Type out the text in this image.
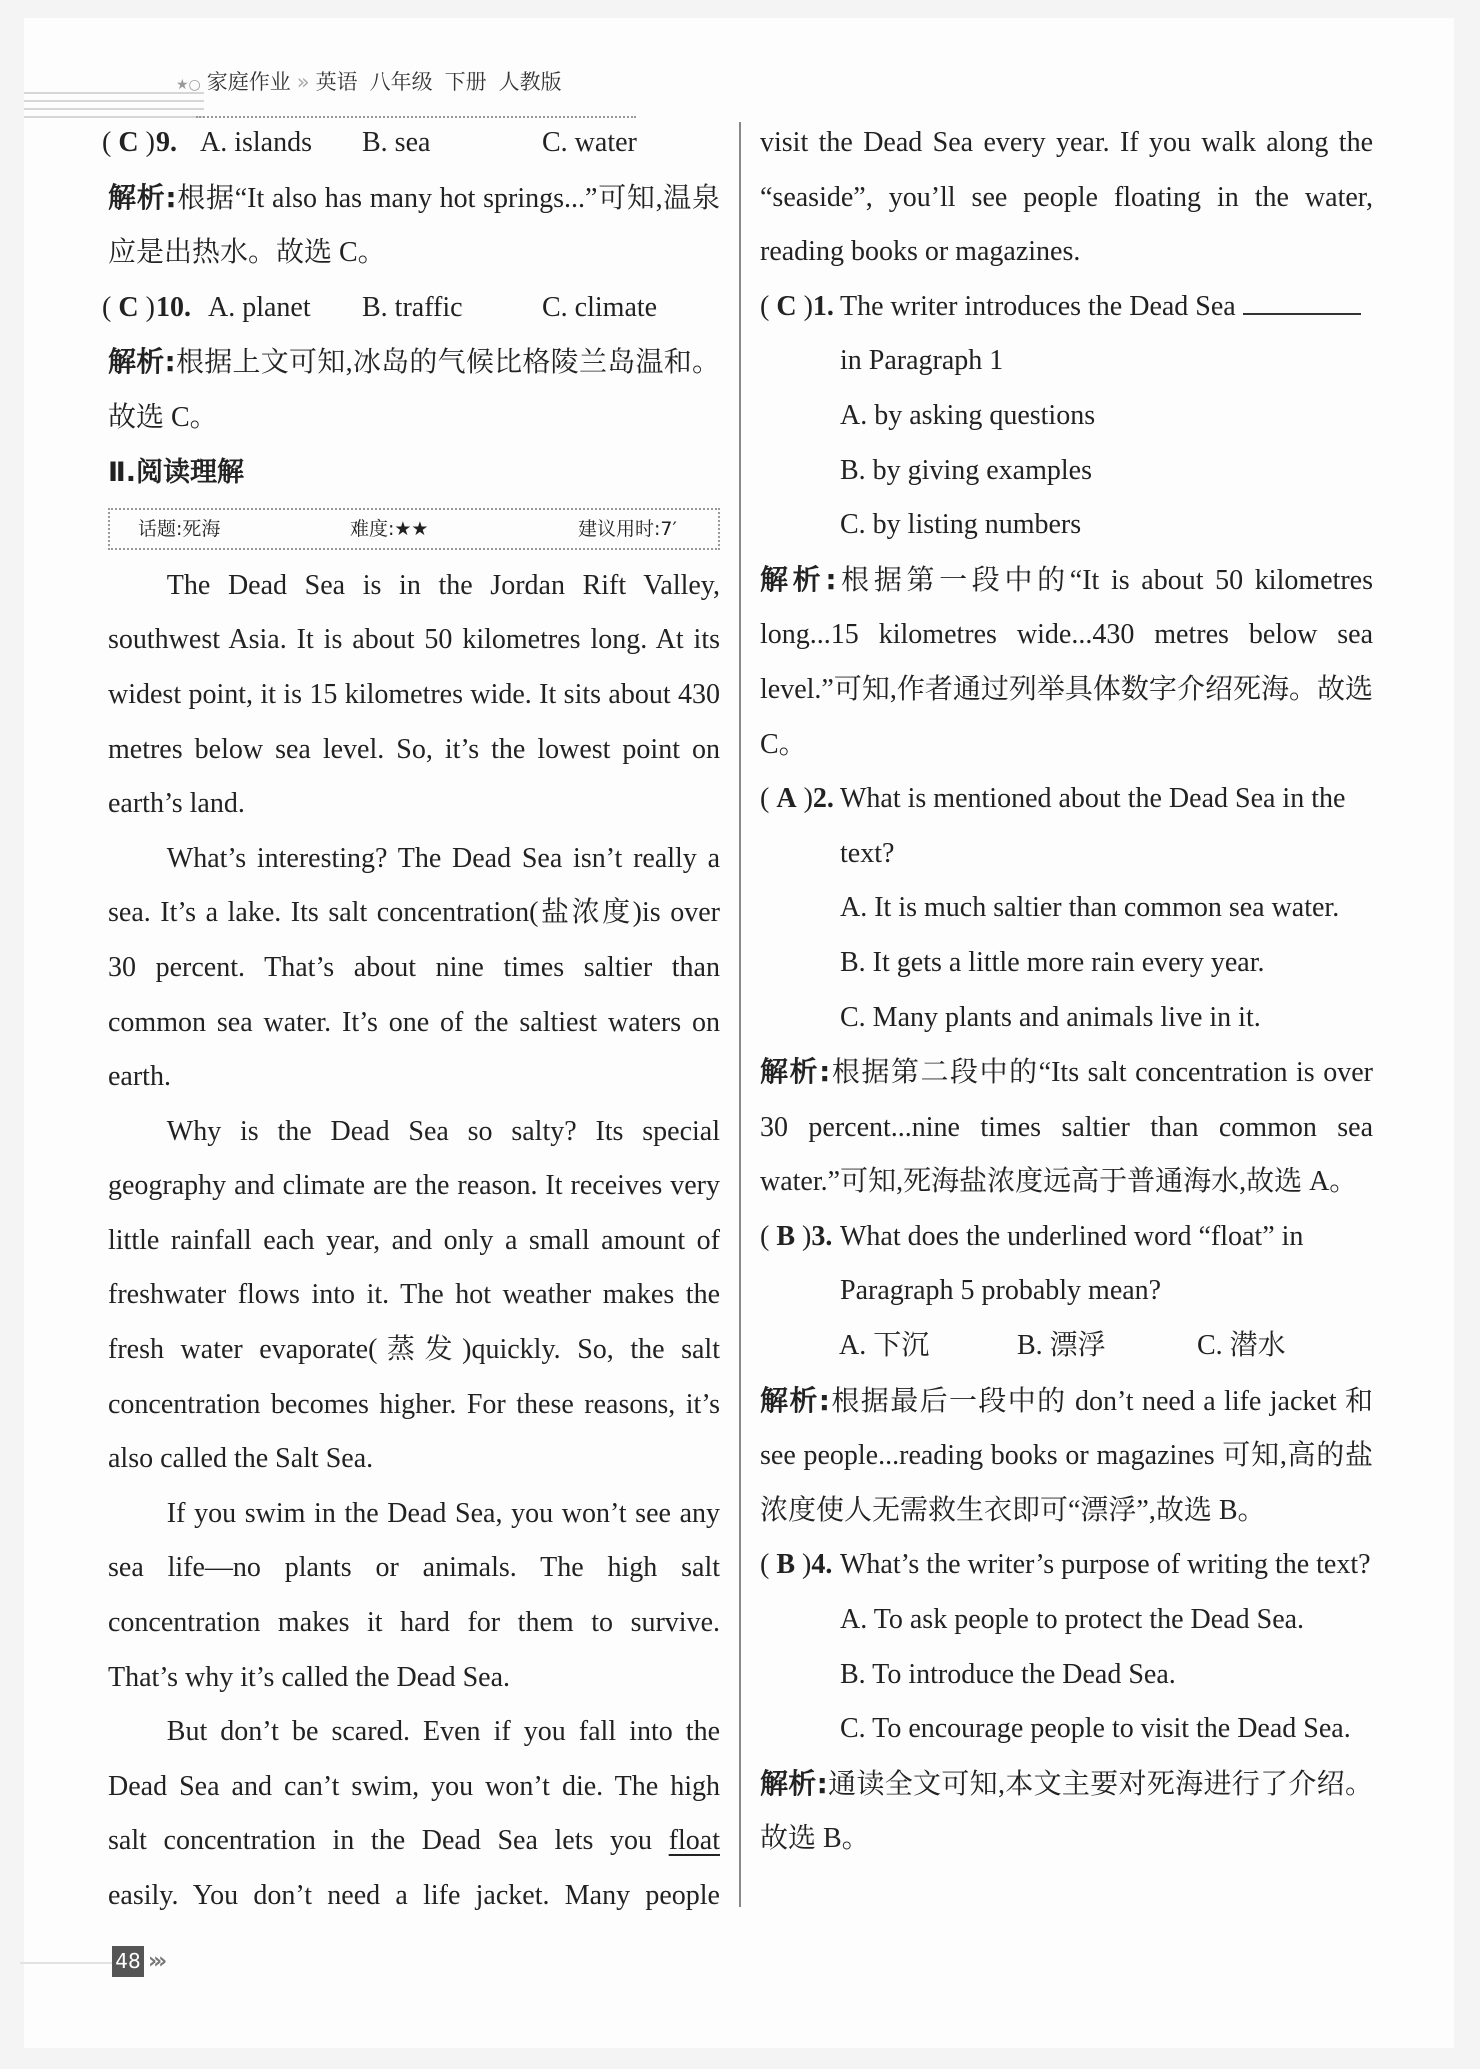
★○ 家庭作业 » 英语 八年级 下册 人教版
( C ) 9. A. islands B. sea	C. water
解析:根据“It also has many hot springs...”可知,温泉应是出热水。故选 C。
( C ) 10. A. planet B. traffic	C. climate
解析:根据上文可知,冰岛的气候比格陵兰岛温和。故选 C。
Ⅱ.阅读理解
话题:死海	难度:★★	建议用时:7′

The Dead Sea is in the Jordan Rift Valley, southwest Asia. It is about 50 kilometres long. At its widest point, it is 15 kilometres wide. It sits about 430 metres below sea level. So, it’s the lowest point on earth’s land.

What’s interesting? The Dead Sea isn’t really a sea. It’s a lake. Its salt concentration(盐浓度)is over 30 percent. That’s about nine times saltier than common sea water. It’s one of the saltiest waters on earth.

Why is the Dead Sea so salty? Its special geography and climate are the reason. It receives very little rainfall each year, and only a small amount of freshwater flows into it. The hot weather makes the fresh water evaporate(蒸发)quickly. So, the salt concentration becomes higher. For these reasons, it’s also called the Salt Sea.

If you swim in the Dead Sea, you won’t see any sea life—no plants or animals. The high salt concentration makes it hard for them to survive. That’s why it’s called the Dead Sea.

But don’t be scared. Even if you fall into the Dead Sea and can’t swim, you won’t die. The high salt concentration in the Dead Sea lets you float easily. You don’t need a life jacket. Many people

visit the Dead Sea every year. If you walk along the “seaside”, you’ll see people floating in the water, reading books or magazines.

( C )1. The writer introduces the Dead Sea
in Paragraph 1
A. by asking questions
B. by giving examples
C. by listing numbers
解析:根据第一段中的“It is about 50 kilometres long...15 kilometres wide...430 metres below sea level.”可知,作者通过列举具体数字介绍死海。故选 C。
( A )2. What is mentioned about the Dead Sea in the text?
A. It is much saltier than common sea water.
B. It gets a little more rain every year.
C. Many plants and animals live in it.
解析:根据第二段中的“Its salt concentration is over 30 percent...nine times saltier than common sea water.”可知,死海盐浓度远高于普通海水,故选 A。
( B )3. What does the underlined word “float” in Paragraph 5 probably mean?
A. 下沉	B. 漂浮	C. 潜水
解析:根据最后一段中的 don’t need a life jacket 和 see people...reading books or magazines 可知,高的盐浓度使人无需救生衣即可“漂浮”,故选 B。
( B )4. What’s the writer’s purpose of writing the text?
A. To ask people to protect the Dead Sea.
B. To introduce the Dead Sea.
C. To encourage people to visit the Dead Sea.
解析:通读全文可知,本文主要对死海进行了介绍。故选 B。
48 ›››
